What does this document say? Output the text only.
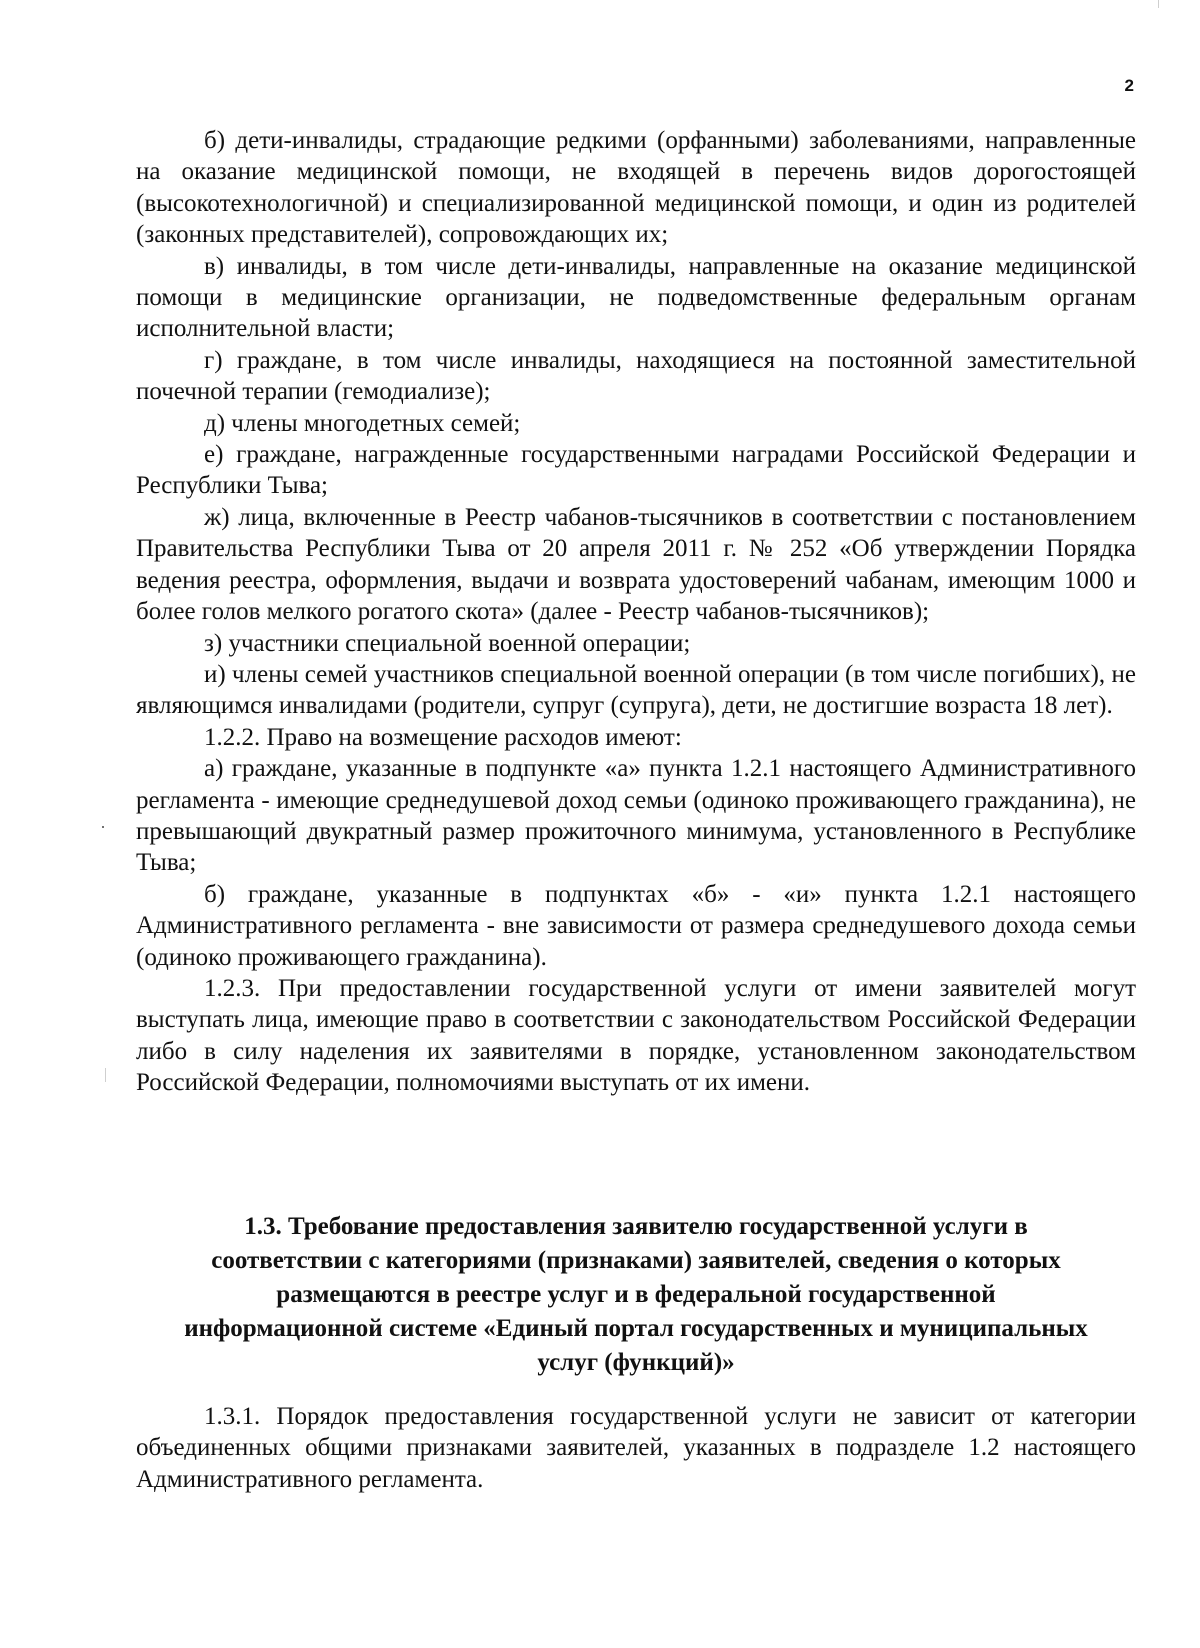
2

б) дети-инвалиды, страдающие редкими (орфанными) заболеваниями, направленные на оказание медицинской помощи, не входящей в перечень видов дорогостоящей (высокотехнологичной) и специализированной медицинской помощи, и один из родителей (законных представителей), сопровождающих их;

в) инвалиды, в том числе дети-инвалиды, направленные на оказание медицинской помощи в медицинские организации, не подведомственные федеральным органам исполнительной власти;

г) граждане, в том числе инвалиды, находящиеся на постоянной заместительной почечной терапии (гемодиализе);

д) члены многодетных семей;

е) граждане, награжденные государственными наградами Российской Федерации и Республики Тыва;

ж) лица, включенные в Реестр чабанов-тысячников в соответствии с постановлением Правительства Республики Тыва от 20 апреля 2011 г. № 252 «Об утверждении Порядка ведения реестра, оформления, выдачи и возврата удостоверений чабанам, имеющим 1000 и более голов мелкого рогатого скота» (далее - Реестр чабанов-тысячников);

з) участники специальной военной операции;

и) члены семей участников специальной военной операции (в том числе погибших), не являющимся инвалидами (родители, супруг (супруга), дети, не достигшие возраста 18 лет).

1.2.2. Право на возмещение расходов имеют:

а) граждане, указанные в подпункте «а» пункта 1.2.1 настоящего Административного регламента - имеющие среднедушевой доход семьи (одиноко проживающего гражданина), не превышающий двукратный размер прожиточного минимума, установленного в Республике Тыва;

б) граждане, указанные в подпунктах «б» - «и» пункта 1.2.1 настоящего Административного регламента - вне зависимости от размера среднедушевого дохода семьи (одиноко проживающего гражданина).

1.2.3. При предоставлении государственной услуги от имени заявителей могут выступать лица, имеющие право в соответствии с законодательством Российской Федерации либо в силу наделения их заявителями в порядке, установленном законодательством Российской Федерации, полномочиями выступать от их имени.

1.3. Требование предоставления заявителю государственной услуги в
соответствии с категориями (признаками) заявителей, сведения о которых
размещаются в реестре услуг и в федеральной государственной
информационной системе «Единый портал государственных и муниципальных
услуг (функций)»

1.3.1. Порядок предоставления государственной услуги не зависит от категории объединенных общими признаками заявителей, указанных в подразделе 1.2 настоящего Административного регламента.
